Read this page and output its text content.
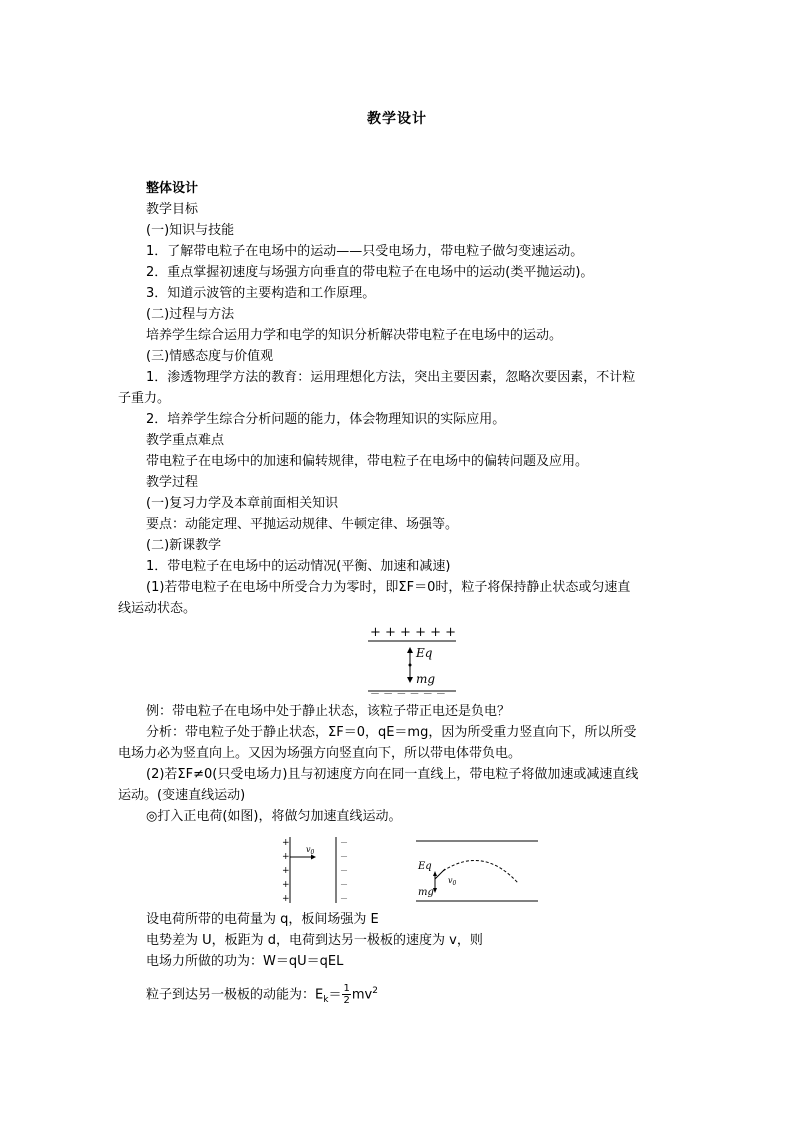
教学设计
整体设计
教学目标
(一)知识与技能
1．了解带电粒子在电场中的运动——只受电场力，带电粒子做匀变速运动。
2．重点掌握初速度与场强方向垂直的带电粒子在电场中的运动(类平抛运动)。
3．知道示波管的主要构造和工作原理。
(二)过程与方法
培养学生综合运用力学和电学的知识分析解决带电粒子在电场中的运动。
(三)情感态度与价值观
1．渗透物理学方法的教育：运用理想化方法，突出主要因素，忽略次要因素，不计粒
子重力。
2．培养学生综合分析问题的能力，体会物理知识的实际应用。
教学重点难点
带电粒子在电场中的加速和偏转规律，带电粒子在电场中的偏转问题及应用。
教学过程
(一)复习力学及本章前面相关知识
要点：动能定理、平抛运动规律、牛顿定律、场强等。
(二)新课教学
1．带电粒子在电场中的运动情况(平衡、加速和减速)
(1)若带电粒子在电场中所受合力为零时，即ΣF＝0时，粒子将保持静止状态或匀速直
线运动状态。
+ + + + + +
Eq
mg
－ － － － － －
例：带电粒子在电场中处于静止状态，该粒子带正电还是负电？
分析：带电粒子处于静止状态，ΣF＝0，qE＝mg，因为所受重力竖直向下，所以所受
电场力必为竖直向上。又因为场强方向竖直向下，所以带电体带负电。
(2)若ΣF≠0(只受电场力)且与初速度方向在同一直线上，带电粒子将做加速或减速直线
运动。(变速直线运动)
◎打入正电荷(如图)，将做匀加速直线运动。
+
+
+
+
+
$v_0$
－
－
－
－
－
Eq
mg
$v_0$
设电荷所带的电荷量为 q，板间场强为 E
电势差为 U，板距为 d，电荷到达另一极板的速度为 v，则
电场力所做的功为：W＝qU＝qEL
粒子到达另一极板的动能为：$E_k= \frac{1}{2} mv^2$
